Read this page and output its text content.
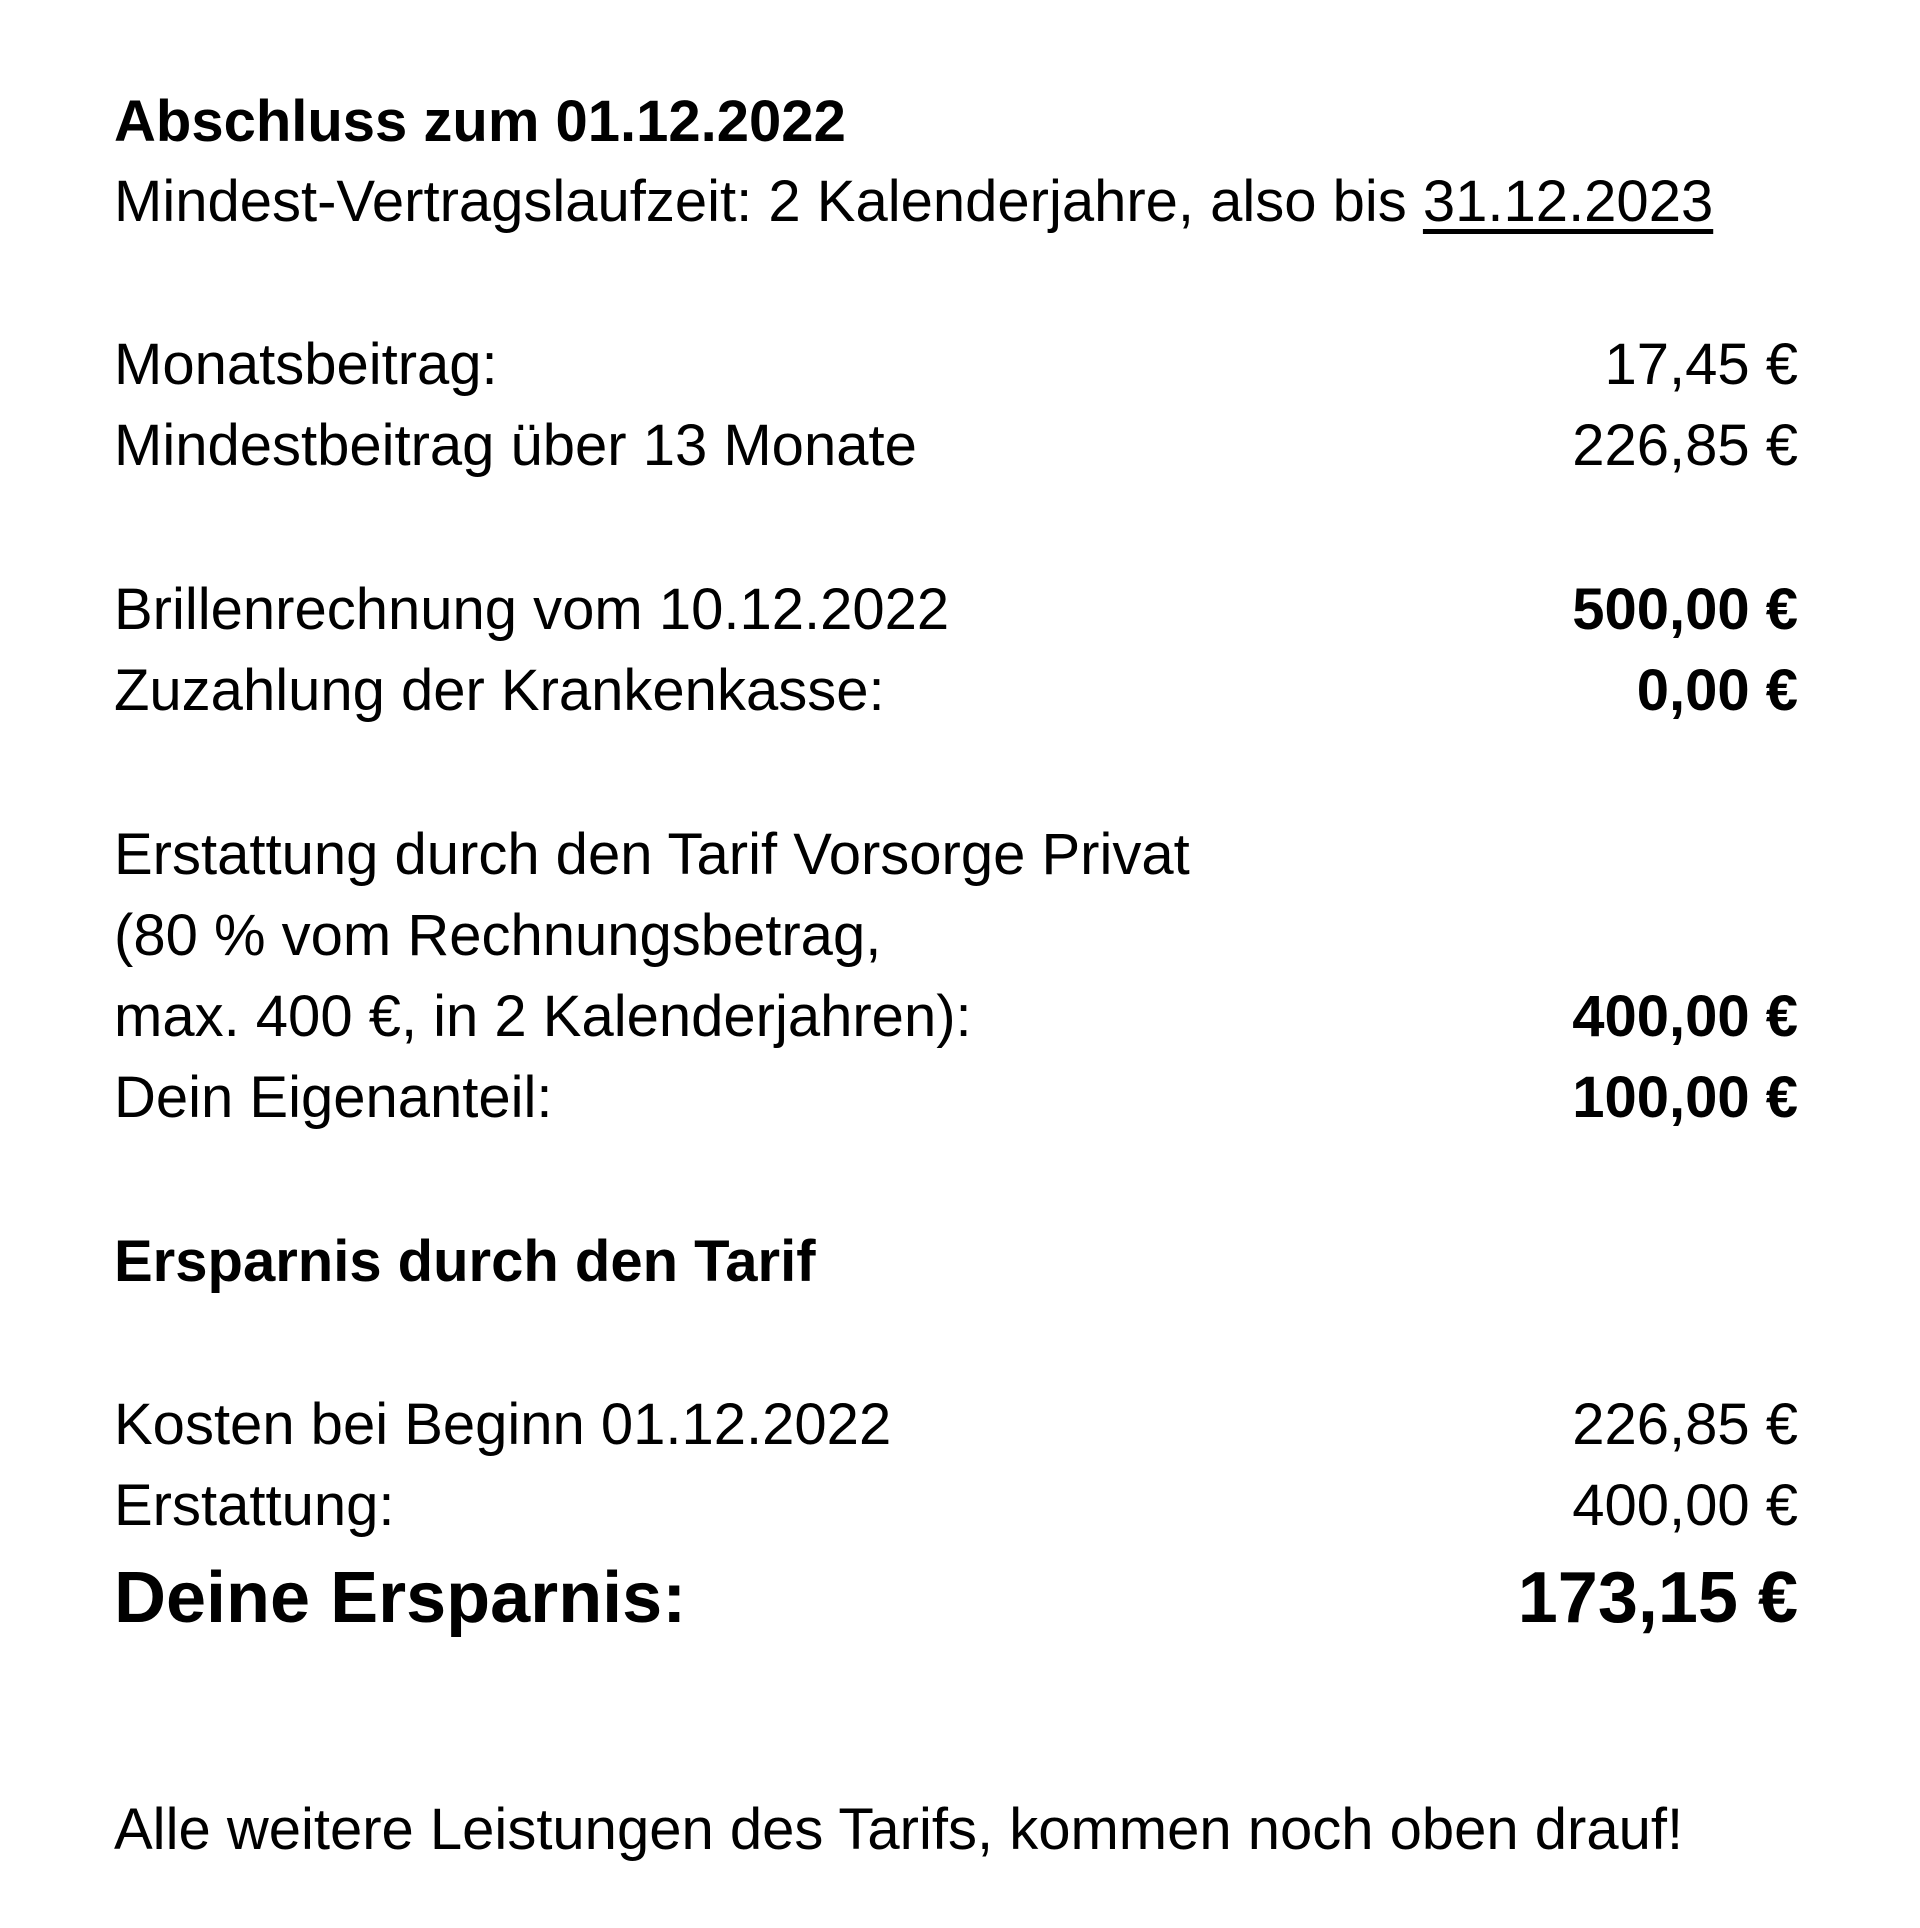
Abschluss zum 01.12.2022
Mindest-Vertragslaufzeit: 2 Kalenderjahre, also bis 31.12.2023
Monatsbeitrag:	17,45 €
Mindestbeitrag über 13 Monate	226,85 €
Brillenrechnung vom 10.12.2022	500,00 €
Zuzahlung der Krankenkasse:	0,00 €
Erstattung durch den Tarif Vorsorge Privat
(80 % vom Rechnungsbetrag,
max. 400 €, in 2 Kalenderjahren):	400,00 €
Dein Eigenanteil:	100,00 €
Ersparnis durch den Tarif
Kosten bei Beginn 01.12.2022	226,85 €
Erstattung:	400,00 €
Deine Ersparnis:	173,15 €
Alle weitere Leistungen des Tarifs, kommen noch oben drauf!
